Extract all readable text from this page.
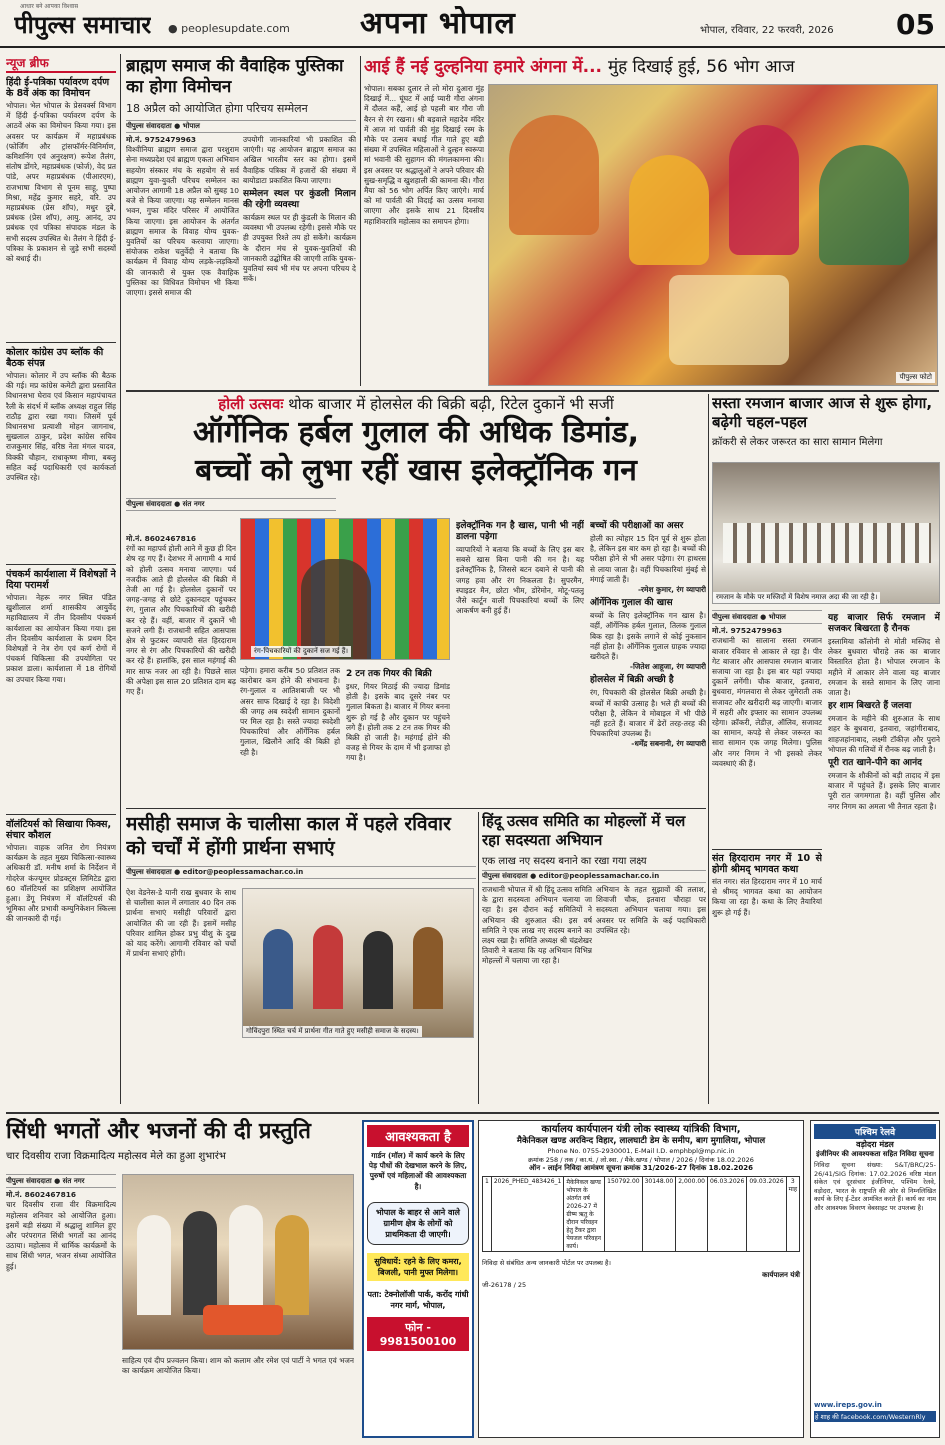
आधार बने आपका विश्वास
पीपुल्स समाचार ● peoplesupdate.com अपना भोपाल	भोपाल, रविवार, 22 फरवरी, 2026 05
न्यूज ब्रीफ
हिंदी ई-पत्रिका पर्यावरण दर्पण के 8वें अंक का विमोचन
भोपाल। भेल भोपाल के प्रेसवर्क्स विभाग में हिंदी ई-पत्रिका पर्यावरण दर्पण के आठवें अंक का विमोचन किया गया। इस अवसर पर कार्यक्रम में महाप्रबंधक (फोर्जिंग और ट्रांसफॉर्मर-विनिर्माण, कमिशनिंग एवं अनुरक्षण) रूपेश तैलंग, संतोष डोंगरे, महाप्रबंधक (फोर्ज), वेद प्रत पांडे, अपर महाप्रबंधक (पीआरएम), राजभाषा विभाग से पूनम साहू, पुष्पा मिश्रा, महेंद्र कुमार सहरे, वरि. उप महाप्रबंधक (प्रेस शॉप), मधुर दुबे, प्रबंधक (प्रेस शॉप), आयु. आनंद, उप प्रबंधक एवं पत्रिका संपादक मंडल के सभी सदस्य उपस्थित थे। तैलंग ने हिंदी ई-पत्रिका के प्रकाशन से जुड़े सभी सदस्यों को बधाई दी।
कोलार कांग्रेस उप ब्लॉक की बैठक संपन्न
भोपाल। कोलार में उप ब्लॉक की बैठक की गई। मप्र कांग्रेस कमेटी द्वारा प्रस्तावित विधानसभा घेराव एवं किसान महापंचायत रैली के संदर्भ में ब्लॉक अध्यक्ष राहुल सिंह राठौड़ द्वारा रखा गया। जिसमें पूर्व विधानसभा प्रत्याशी मोहन जागनाथ, सुखलाल ठाकुर, प्रदेश कांग्रेस सचिव राजकुमार सिंह, वरिष्ठ नेता मंगल यादव, विक्की चौहान, राधाकृष्ण मीणा, बबलू सहित कई पदाधिकारी एवं कार्यकर्ता उपस्थित रहे।
पंचकर्म कार्यशाला में विशेषज्ञों ने दिया परामर्श
भोपाल। नेहरू नगर स्थित पंडित खुशीलाल शर्मा शासकीय आयुर्वेद महाविद्यालय में तीन दिवसीय पंचकर्म कार्यशाला का आयोजन किया गया। इस तीन दिवसीय कार्यशाला के प्रथम दिन विशेषज्ञों ने नेत्र रोग एवं कर्ण रोगों में पंचकर्म चिकित्सा की उपयोगिता पर प्रकाश डाला। कार्यशाला में 18 रोगियों का उपचार किया गया।
वॉलंटियर्स को सिखाया फिक्स, संचार कौशल
भोपाल। वाहक जनित रोग नियंत्रण कार्यक्रम के तहत मुख्य चिकित्सा-स्वास्थ्य अधिकारी डॉ. मनीष शर्मा के निर्देशन में गोदरेज कंज्यूमर प्रोडक्ट्स लिमिटेड द्वारा 60 वॉलंटियर्स का प्रशिक्षण आयोजित हुआ। डेंगू नियंत्रण में वॉलंटियर्स की भूमिका और प्रभावी कम्युनिकेशन स्किल्स की जानकारी दी गई।
ब्राह्मण समाज की वैवाहिक पुस्तिका का होगा विमोचन
18 अप्रैल को आयोजित होगा परिचय सम्मेलन
पीपुल्स संवाददाता ● भोपाल
मो.नं. 9752479963
विश्वीनिया ब्राह्मण समाज द्वारा परशुराम सेना मध्यप्रदेश एवं ब्राह्मण एकता अभियान सहयोग संस्कार मंच के सहयोग से सर्व ब्राह्मण युवा-युवती परिचय सम्मेलन का आयोजन आगामी 18 अप्रैल को सुबह 10 बजे से किया जाएगा। यह सम्मेलन मानस भवन, गुफा मंदिर परिसर में आयोजित किया जाएगा। इस आयोजन के अंतर्गत ब्राह्मण समाज के विवाह योग्य युवक-युवतियों का परिचय करवाया जाएगा। संयोजक राकेश चतुर्वेदी ने बताया कि कार्यक्रम में विवाह योग्य लड़के-लड़कियों की जानकारी से युक्त एक वैवाहिक पुस्तिका का विधिवत विमोचन भी किया जाएगा। इससे समाज की
उपयोगी जानकारियां भी प्रकाशित की जाएंगी। यह आयोजन ब्राह्मण समाज का अखिल भारतीय स्तर का होगा। इसमें वैवाहिक पत्रिका में हजारों की संख्या में बायोडाटा प्रकाशित किया जाएगा।
सम्मेलन स्थल पर कुंडली मिलान की रहेगी व्यवस्था
कार्यक्रम स्थल पर ही कुंडली के मिलान की व्यवस्था भी उपलब्ध रहेगी। इससे मौके पर ही उपयुक्त रिश्ते तय हो सकेंगे। कार्यक्रम के दौरान मंच से युवक-युवतियों की जानकारी उद्घोषित की जाएगी ताकि युवक-युवतियां स्वयं भी मंच पर अपना परिचय दे सकें।
आई हैं नई दुल्हनिया हमारे अंगना में... मुंह दिखाई हुई, 56 भोग आज
भोपाल। सबका दुलार ले लो मोरा दुआरा मुंह दिखाई में... घूंघट में आई प्यारी गौरा अंगना में दौलत कहैं, आई हो पहली बार गौरा जी बैरन से रंग रखना। श्री बड़वाले महादेव मंदिर में आज मां पार्वती की मुंह दिखाई रस्म के मौके पर उत्सव बधाई गीत गाते हुए बड़ी संख्या में उपस्थित महिलाओं ने दुल्हन स्वरूपा मां भवानी की सुहागन की मंगलकामना की। इस अवसर पर श्रद्धालुओं ने अपने परिवार की सुख-समृद्धि व खुशहाली की कामना की। गौरा मैया को 56 भोग अर्पित किए जाएंगे। मार्च को मां पार्वती की विदाई का उत्सव मनाया जाएगा और इसके साथ 21 दिवसीय महाशिवरात्रि महोत्सव का समापन होगा।
पीपुल्स फोटो
होली उत्सवः थोक बाजार में होलसेल की बिक्री बढ़ी, रिटेल दुकानें भी सजीं
ऑर्गेनिक हर्बल गुलाल की अधिक डिमांड,
बच्चों को लुभा रहीं खास इलेक्ट्रॉनिक गन
पीपुल्स संवाददाता ● संत नगर
मो.नं. 8602467816
रंगों का महापर्व होली आने में कुछ ही दिन शेष रह गए हैं। देशभर में आगामी 4 मार्च को होली उत्सव मनाया जाएगा। पर्व नजदीक आते ही होलसेल की बिक्री में तेजी आ गई है। होलसेल दुकानों पर जगह-जगह से छोटे दुकानदार पहुंचकर रंग, गुलाल और पिचकारियों की खरीदी कर रहे हैं। वहीं, बाजार में दुकानें भी सजने लगी हैं। राजधानी सहित आसपास क्षेत्र से फुटकर व्यापारी संत हिरदाराम नगर से रंग और पिचकारियों की खरीदी कर रहे हैं। हालांकि, इस साल महंगाई की मार साफ नजर आ रही है। पिछले साल की अपेक्षा इस साल 20 प्रतिशत दाम बढ़ गए हैं।
रंग-पिचकारियों की दुकानें सज गई हैं।
पड़ेगा। हमारा करीब 50 प्रतिशत तक कारोबार कम होने की संभावना है। रंग-गुलाल व आतिशबाजी पर भी असर साफ दिखाई दे रहा है। विदेशी की जगह अब स्वदेशी सामान दुकानों पर मिल रहा है। सस्ते ज्यादा स्वदेशी पिचकारियां और ऑर्गेनिक हर्बल गुलाल, खिलौने आदि की बिक्री हो रही है।
2 टन तक गियर की बिक्री
इधर, गियर मिठाई की ज्यादा डिमांड होती है। इसके बाद दूसरे नंबर पर गुलाल बिकता है। बाजार में गियर बनना शुरू हो गई है और दुकान पर पहुंचने लगे हैं। होली तक 2 टन तक गियर की बिक्री हो जाती है। महंगाई होने की वजह से गियर के दाम में भी इजाफा हो गया है।
इलेक्ट्रॉनिक गन है खास, पानी भी नहीं डालना पड़ेगा
व्यापारियों ने बताया कि बच्चों के लिए इस बार सबसे खास बिना पानी की गन है। यह इलेक्ट्रॉनिक है, जिससे बटन दबाने से पानी की जगह हवा और रंग निकलता है। सुपरमैन, स्पाइडर मैन, छोटा भीम, डोरेमोन, मोटू-पतलू जैसे कार्टून वाली पिचकारियां बच्चों के लिए आकर्षण बनी हुई हैं।
बच्चों की परीक्षाओं का असर
होली का त्योहार 15 दिन पूर्व से शुरू होता है, लेकिन इस बार कम हो रहा है। बच्चों की परीक्षा होने से भी असर पड़ेगा। रंग हाथरस से लाया जाता है। वहीं पिचकारियां मुंबई से मंगाई जाती हैं।
-रमेश कुमार, रंग व्यापारी
ऑर्गेनिक गुलाल की खास
बच्चों के लिए इलेक्ट्रॉनिक गन खास है। वहीं, ऑर्गेनिक हर्बल गुलाल, तिलक गुलाल बिक रहा है। इसके लगाने से कोई नुकसान नहीं होता है। ऑर्गेनिक गुलाल ग्राहक ज्यादा खरीदते हैं।
-जितेश आहूजा, रंग व्यापारी
होलसेल में बिक्री अच्छी है
रंग, पिचकारी की होलसेल बिक्री अच्छी है। बच्चों में काफी उत्साह है। भले ही बच्चों की परीक्षा है, लेकिन वे मोबाइल में भी पीछे नहीं हटते हैं। बाजार में ढेरों तरह-तरह की पिचकारियां उपलब्ध हैं।
-धर्मेंद्र सबनानी, रंग व्यापारी
सस्ता रमजान बाजार आज से शुरू होगा, बढ़ेगी चहल-पहल
क्रॉकरी से लेकर जरूरत का सारा सामान मिलेगा
रमजान के मौके पर मस्जिदों में विशेष नमाज अदा की जा रही है।
पीपुल्स संवाददाता ● भोपाल
मो.नं. 9752479963
राजधानी का सालाना सस्ता रमजान बाजार रविवार से आकार ले रहा है। पीर गेट बाजार और आसपास रमजान बाजार सजाया जा रहा है। इस बार यहां ज्यादा दुकानें लगेंगी। चौक बाजार, इतवारा, बुधवारा, मंगलवारा से लेकर जुमेराती तक सजावट और खरीदारी बढ़ जाएगी। बाजार में सहरी और इफ्तार का सामान उपलब्ध रहेगा। क्रॉकरी, लेडीज़, ऑलिव, सजावट का सामान, कपड़े से लेकर जरूरत का सारा सामान एक जगह मिलेगा। पुलिस और नगर निगम ने भी इसको लेकर व्यवस्थाएं की हैं।
संत हिरदाराम नगर में 10 से होगी श्रीमद् भागवत कथा
संत नगर। संत हिरदाराम नगर में 10 मार्च से श्रीमद् भागवत कथा का आयोजन किया जा रहा है। कथा के लिए तैयारियां शुरू हो गई हैं।
यह बाजार सिर्फ रमजान में सजकर बिखरता है रौनक
इस्लामिया कॉलोनी से मोती मस्जिद से लेकर बुधवारा चौराहे तक का बाजार विस्तारित होता है। भोपाल रमजान के महीने में आकार लेने वाला यह बाजार रमजान के सस्ते सामान के लिए जाना जाता है।
हर शाम बिखरते हैं जलवा
रमजान के महीने की शुरुआत के साथ शहर के बुधवारा, इतवारा, जहांगीराबाद, शाहजहांनाबाद, लक्ष्मी टॉकीज़ और पुराने भोपाल की गलियों में रौनक बढ़ जाती है।
पूरी रात खाने-पीने का आनंद
रमजान के शौकीनों को बड़ी तादाद में इस बाजार में पहुंचते हैं। इसके लिए बाजार पूरी रात जगमगाता है। वहीं पुलिस और नगर निगम का अमला भी तैनात रहता है।
मसीही समाज के चालीसा काल में पहले रविवार को चर्चों में होंगी प्रार्थना सभाएं
पीपुल्स संवाददाता ● editor@peoplessamachar.co.in
ऐश वेडनेस-डे यानी राख बुधवार के साथ से चालीसा काल में लगातार 40 दिन तक प्रार्थना सभाएं मसीही परिवारों द्वारा आयोजित की जा रही हैं। इसमें मसीह परिवार शामिल होकर प्रभु यीशु के दुख को याद करेंगे। आगामी रविवार को चर्चों में प्रार्थना सभाएं होंगी।
गोविंदपुरा स्थित चर्च में प्रार्थना गीत गाते हुए मसीही समाज के सदस्य।
हिंदू उत्सव समिति का मोहल्लों में चल रहा सदस्यता अभियान
एक लाख नए सदस्य बनाने का रखा गया लक्ष्य
पीपुल्स संवाददाता ● editor@peoplessamachar.co.in
राजधानी भोपाल में श्री हिंदू उत्सव समिति के द्वारा सदस्यता अभियान चलाया जा रहा है। इस दौरान कई समितियों ने अभियान की शुरुआत की। इस वर्ष समिति ने एक लाख नए सदस्य बनाने का लक्ष्य रखा है। समिति अध्यक्ष श्री चंद्रशेखर तिवारी ने बताया कि यह अभियान विभिन्न मोहल्लों में चलाया जा रहा है।
अभियान के तहत सुझावों की तलाश, शिवाजी चौक, इतवारा चौराहा पर सदस्यता अभियान चलाया गया। इस अवसर पर समिति के कई पदाधिकारी उपस्थित रहे।
सिंधी भगतों और भजनों की दी प्रस्तुति
चार दिवसीय राजा विक्रमादित्य महोत्सव मेले का हुआ शुभारंभ
पीपुल्स संवाददाता ● संत नगर
मो.नं. 8602467816
चार दिवसीय राजा वीर विक्रमादित्य महोत्सव शनिवार को आयोजित हुआ। इसमें बड़ी संख्या में श्रद्धालु शामिल हुए और परंपरागत सिंधी भगतों का आनंद उठाया। महोत्सव में धार्मिक कार्यक्रमों के साथ सिंधी भगत, भजन संध्या आयोजित हुई।
साहित्य एवं दीप प्रज्वलन किया। शाम को कलाम और रमेश एवं पार्टी ने भगत एवं भजन का कार्यक्रम आयोजित किया।
आवश्यकता है
गार्डन (मॉल) में कार्य करने के लिए पेड़ पौधों की देखभाल करने के लिए, पुरुषों एवं महिलाओं की आवश्यकता है।
भोपाल के बाहर से आने वाले ग्रामीण क्षेत्र के लोगों को प्राथमिकता दी जाएगी।
सुविधायें: रहने के लिए कमरा, बिजली, पानी मुफ्त मिलेगा।
पता: टेक्नोलॉजी पार्क, करोंद गांधी नगर मार्ग, भोपाल,
फोन - 9981500100
कार्यालय कार्यपालन यंत्री लोक स्वास्थ्य यांत्रिकी विभाग,
मैकेनिकल खण्ड अरविन्द विहार, लालघाटी डेम के समीप, बाग मुगालिया, भोपाल
Phone No. 0755-2930001, E-Mail I.D. emphbpl@mp.nic.in
क्रमांक 258 / तक / का.यं. / लो.स्वा. / मैके.खण्ड / भोपाल / 2026 / दिनांक 18.02.2026
ऑन - लाईन निविदा आमंत्रण सूचना क्रमांक 31/2026-27 दिनांक 18.02.2026
1	2026_PHED_483426_1	मैकेनिकल खण्ड भोपाल के अंतर्गत वर्ष 2026-27 में ग्रीष्म ऋतु के दौरान परिवहन हेतु टैंकर द्वारा पेयजल परिवहन कार्य।	150792.00	30148.00	2,000.00	06.03.2026	09.03.2026	3 माह
निविदा से संबंधित अन्य जानकारी पोर्टल पर उपलब्ध है।
कार्यपालन यंत्री
जी-26178 / 25
पश्चिम रेलवे
वड़ोदरा मंडल
इंजीनियर की आवश्यकता सहित निविदा सूचना
निविदा सूचना संख्या: S&T/BRC/25-26/41/SIG दिनांक: 17.02.2026 वरिष्ठ मंडल संकेत एवं दूरसंचार इंजीनियर, पश्चिम रेलवे, वड़ोदरा, भारत के राष्ट्रपति की ओर से निम्नलिखित कार्य के लिए ई-टेंडर आमंत्रित करते हैं। कार्य का नाम और आवश्यक विवरण वेबसाइट पर उपलब्ध है।
www.ireps.gov.in
हे शाह की facebook.com/WesternRly
